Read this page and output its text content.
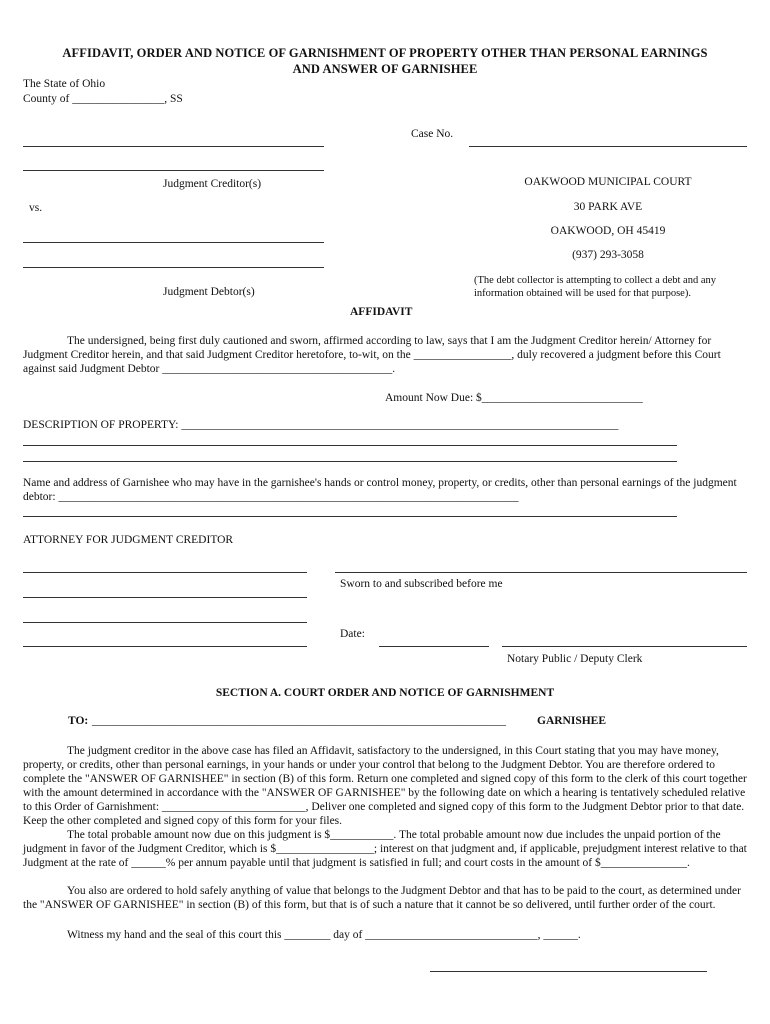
AFFIDAVIT, ORDER AND NOTICE OF GARNISHMENT OF PROPERTY OTHER THAN PERSONAL EARNINGS
AND ANSWER OF GARNISHEE
The State of Ohio
County of ________________, SS
Case No.
Judgment Creditor(s)
vs.
Judgment Debtor(s)
OAKWOOD MUNICIPAL COURT
30 PARK AVE
OAKWOOD, OH 45419
(937) 293-3058
(The debt collector is attempting to collect a debt and any information obtained will be used for that purpose).
AFFIDAVIT
The undersigned, being first duly cautioned and sworn, affirmed according to law, says that I am the Judgment Creditor herein/ Attorney for Judgment Creditor herein, and that said Judgment Creditor heretofore, to-wit, on the _________________, duly recovered a judgment before this Court against said Judgment Debtor ________________________________________.
Amount Now Due: $____________________________
DESCRIPTION OF PROPERTY: ____________________________________________________________________________
Name and address of Garnishee who may have in the garnishee's hands or control money, property, or credits, other than personal earnings of the judgment debtor: ________________________________________________________________________________
ATTORNEY FOR JUDGMENT CREDITOR
Sworn to and subscribed before me
Date:
Notary Public / Deputy Clerk
SECTION A. COURT ORDER AND NOTICE OF GARNISHMENT
TO: ________________________________________________________________________	GARNISHEE
The judgment creditor in the above case has filed an Affidavit, satisfactory to the undersigned, in this Court stating that you may have money, property, or credits, other than personal earnings, in your hands or under your control that belong to the Judgment Debtor. You are therefore ordered to complete the "ANSWER OF GARNISHEE" in section (B) of this form. Return one completed and signed copy of this form to the clerk of this court together with the amount determined in accordance with the "ANSWER OF GARNISHEE" by the following date on which a hearing is tentatively scheduled relative to this Order of Garnishment: _________________________, Deliver one completed and signed copy of this form to the Judgment Debtor prior to that date. Keep the other completed and signed copy of this form for your files.
The total probable amount now due on this judgment is $___________. The total probable amount now due includes the unpaid portion of the judgment in favor of the Judgment Creditor, which is $_________________; interest on that judgment and, if applicable, prejudgment interest relative to that Judgment at the rate of ______% per annum payable until that judgment is satisfied in full; and court costs in the amount of $_______________.
You also are ordered to hold safely anything of value that belongs to the Judgment Debtor and that has to be paid to the court, as determined under the "ANSWER OF GARNISHEE" in section (B) of this form, but that is of such a nature that it cannot be so delivered, until further order of the court.
Witness my hand and the seal of this court this ________ day of ______________________________, ______.
